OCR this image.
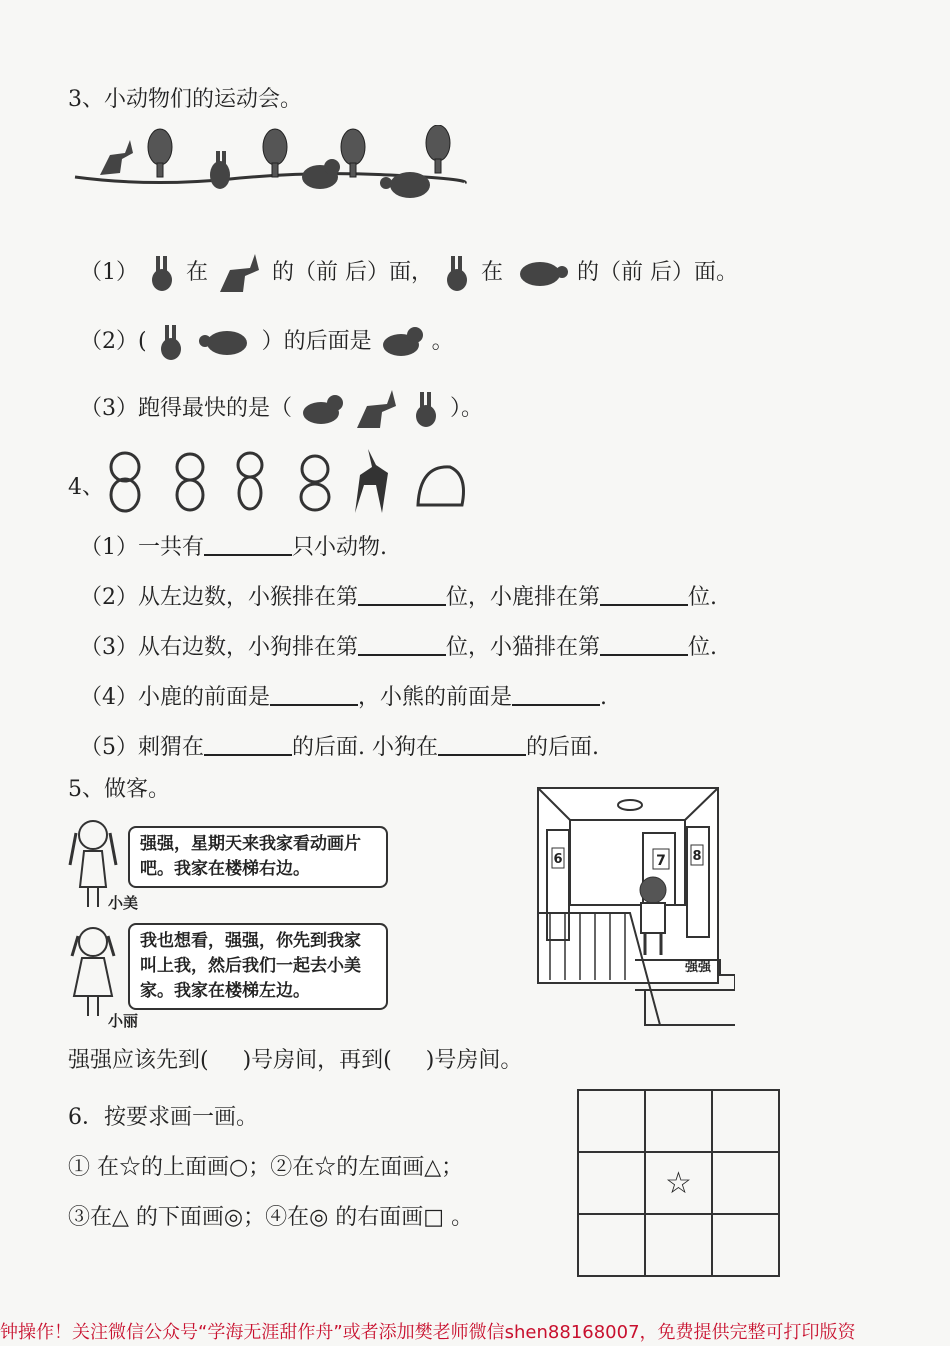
3、小动物们的运动会。
（1） 在	的（前 后）面， 在	的（前 后）面。
（2）(	）的后面是	。
（3）跑得最快的是（	）。
4、
（1）一共有	只小动物.
（2）从左边数，小猴排在第	位，小鹿排在第	位.
（3）从右边数，小狗排在第	位，小猫排在第	位.
（4）小鹿的前面是	，小熊的前面是	.
（5）刺猬在	的后面. 小狗在	的后面.
5、做客。
小美
强强，星期天来我家看动画片吧。我家在楼梯右边。
小丽
我也想看，强强，你先到我家叫上我，然后我们一起去小美家。我家在楼梯左边。
6	7 8
强强
强强应该先到( )号房间，再到( )号房间。
6．按要求画一画。
① 在☆的上面画○；②在☆的左面画△；
③在△ 的下面画◎；④在◎ 的右面画□ 。

	☆	

钟操作！关注微信公众号“学海无涯甜作舟”或者添加樊老师微信shen88168007，免费提供完整可打印版资
